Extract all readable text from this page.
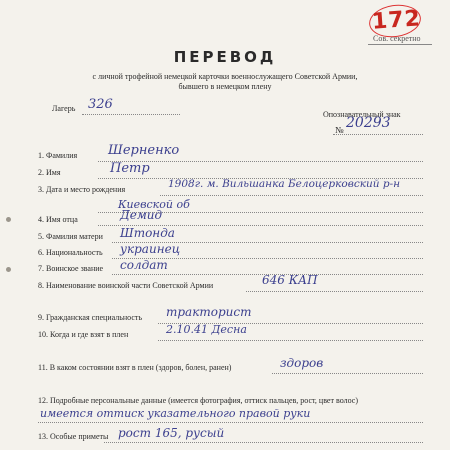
172
Сов. секретно
ПЕРЕВОД
с личной трофейной немецкой карточки военнослужащего Советской Армии,
бывшего в немецком плену
Лагерь 326
Опознавательный знак
№ 20293
1. Фамилия Шерненко
2. Имя	Петр
3. Дата и место рождения	1908г. м. Вильшанка Белоцерковский р-н
Киевской об
4. Имя отца	Демид
5. Фамилия матери Штонда
6. Национальность украинец
7. Воинское звание солдат
8. Наименование воинской части Советской Армии	646 КАП
9. Гражданская специальность тракторист
10. Когда и где взят в плен	2.10.41 Десна
11. В каком состоянии взят в плен (здоров, болен, ранен)	здоров
12. Подробные персональные данные (имеется фотография, оттиск пальцев, рост, цвет волос)
имеется оттиск указательного правой руки
13. Особые приметы рост 165, русый
